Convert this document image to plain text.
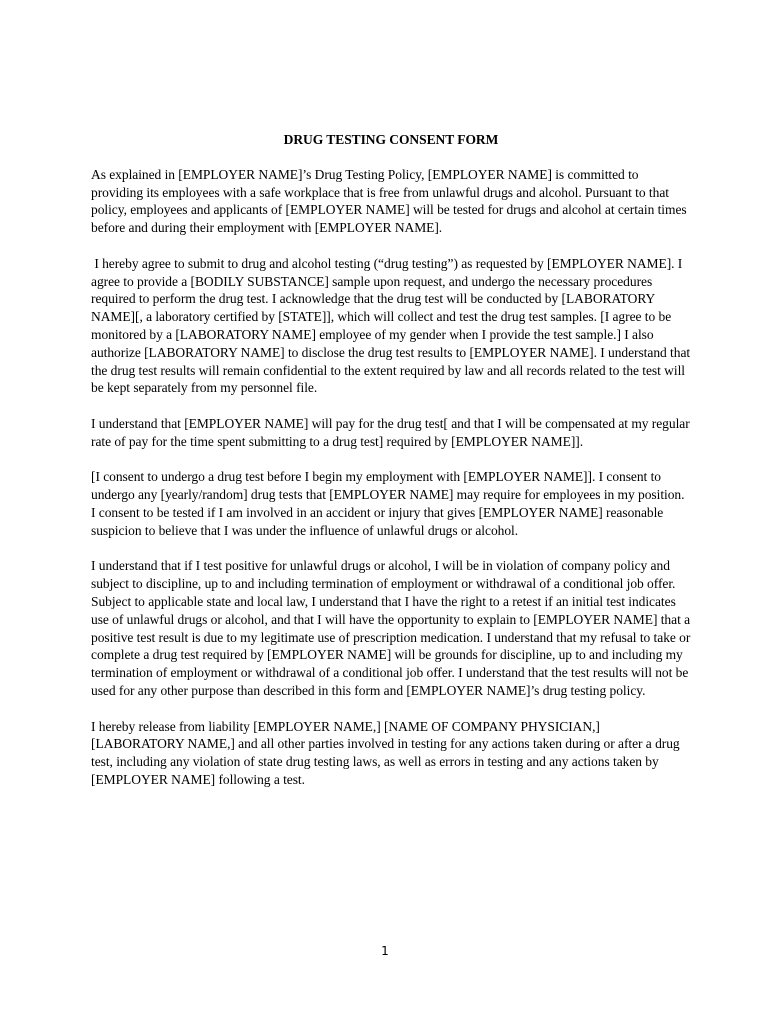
DRUG TESTING CONSENT FORM

As explained in [EMPLOYER NAME]’s Drug Testing Policy, [EMPLOYER NAME] is committed to providing its employees with a safe workplace that is free from unlawful drugs and alcohol. Pursuant to that policy, employees and applicants of [EMPLOYER NAME] will be tested for drugs and alcohol at certain times before and during their employment with [EMPLOYER NAME].

I hereby agree to submit to drug and alcohol testing (“drug testing”) as requested by [EMPLOYER NAME]. I agree to provide a [BODILY SUBSTANCE] sample upon request, and undergo the necessary procedures required to perform the drug test. I acknowledge that the drug test will be conducted by [LABORATORY NAME][, a laboratory certified by [STATE]], which will collect and test the drug test samples. [I agree to be monitored by a [LABORATORY NAME] employee of my gender when I provide the test sample.] I also authorize [LABORATORY NAME] to disclose the drug test results to [EMPLOYER NAME]. I understand that the drug test results will remain confidential to the extent required by law and all records related to the test will be kept separately from my personnel file.

I understand that [EMPLOYER NAME] will pay for the drug test[ and that I will be compensated at my regular rate of pay for the time spent submitting to a drug test] required by [EMPLOYER NAME]].

[I consent to undergo a drug test before I begin my employment with [EMPLOYER NAME]]. I consent to undergo any [yearly/random] drug tests that [EMPLOYER NAME] may require for employees in my position. I consent to be tested if I am involved in an accident or injury that gives [EMPLOYER NAME] reasonable suspicion to believe that I was under the influence of unlawful drugs or alcohol.

I understand that if I test positive for unlawful drugs or alcohol, I will be in violation of company policy and subject to discipline, up to and including termination of employment or withdrawal of a conditional job offer. Subject to applicable state and local law, I understand that I have the right to a retest if an initial test indicates use of unlawful drugs or alcohol, and that I will have the opportunity to explain to [EMPLOYER NAME] that a positive test result is due to my legitimate use of prescription medication. I understand that my refusal to take or complete a drug test required by [EMPLOYER NAME] will be grounds for discipline, up to and including my termination of employment or withdrawal of a conditional job offer. I understand that the test results will not be used for any other purpose than described in this form and [EMPLOYER NAME]’s drug testing policy.

I hereby release from liability [EMPLOYER NAME,] [NAME OF COMPANY PHYSICIAN,] [LABORATORY NAME,] and all other parties involved in testing for any actions taken during or after a drug test, including any violation of state drug testing laws, as well as errors in testing and any actions taken by [EMPLOYER NAME] following a test.

1
